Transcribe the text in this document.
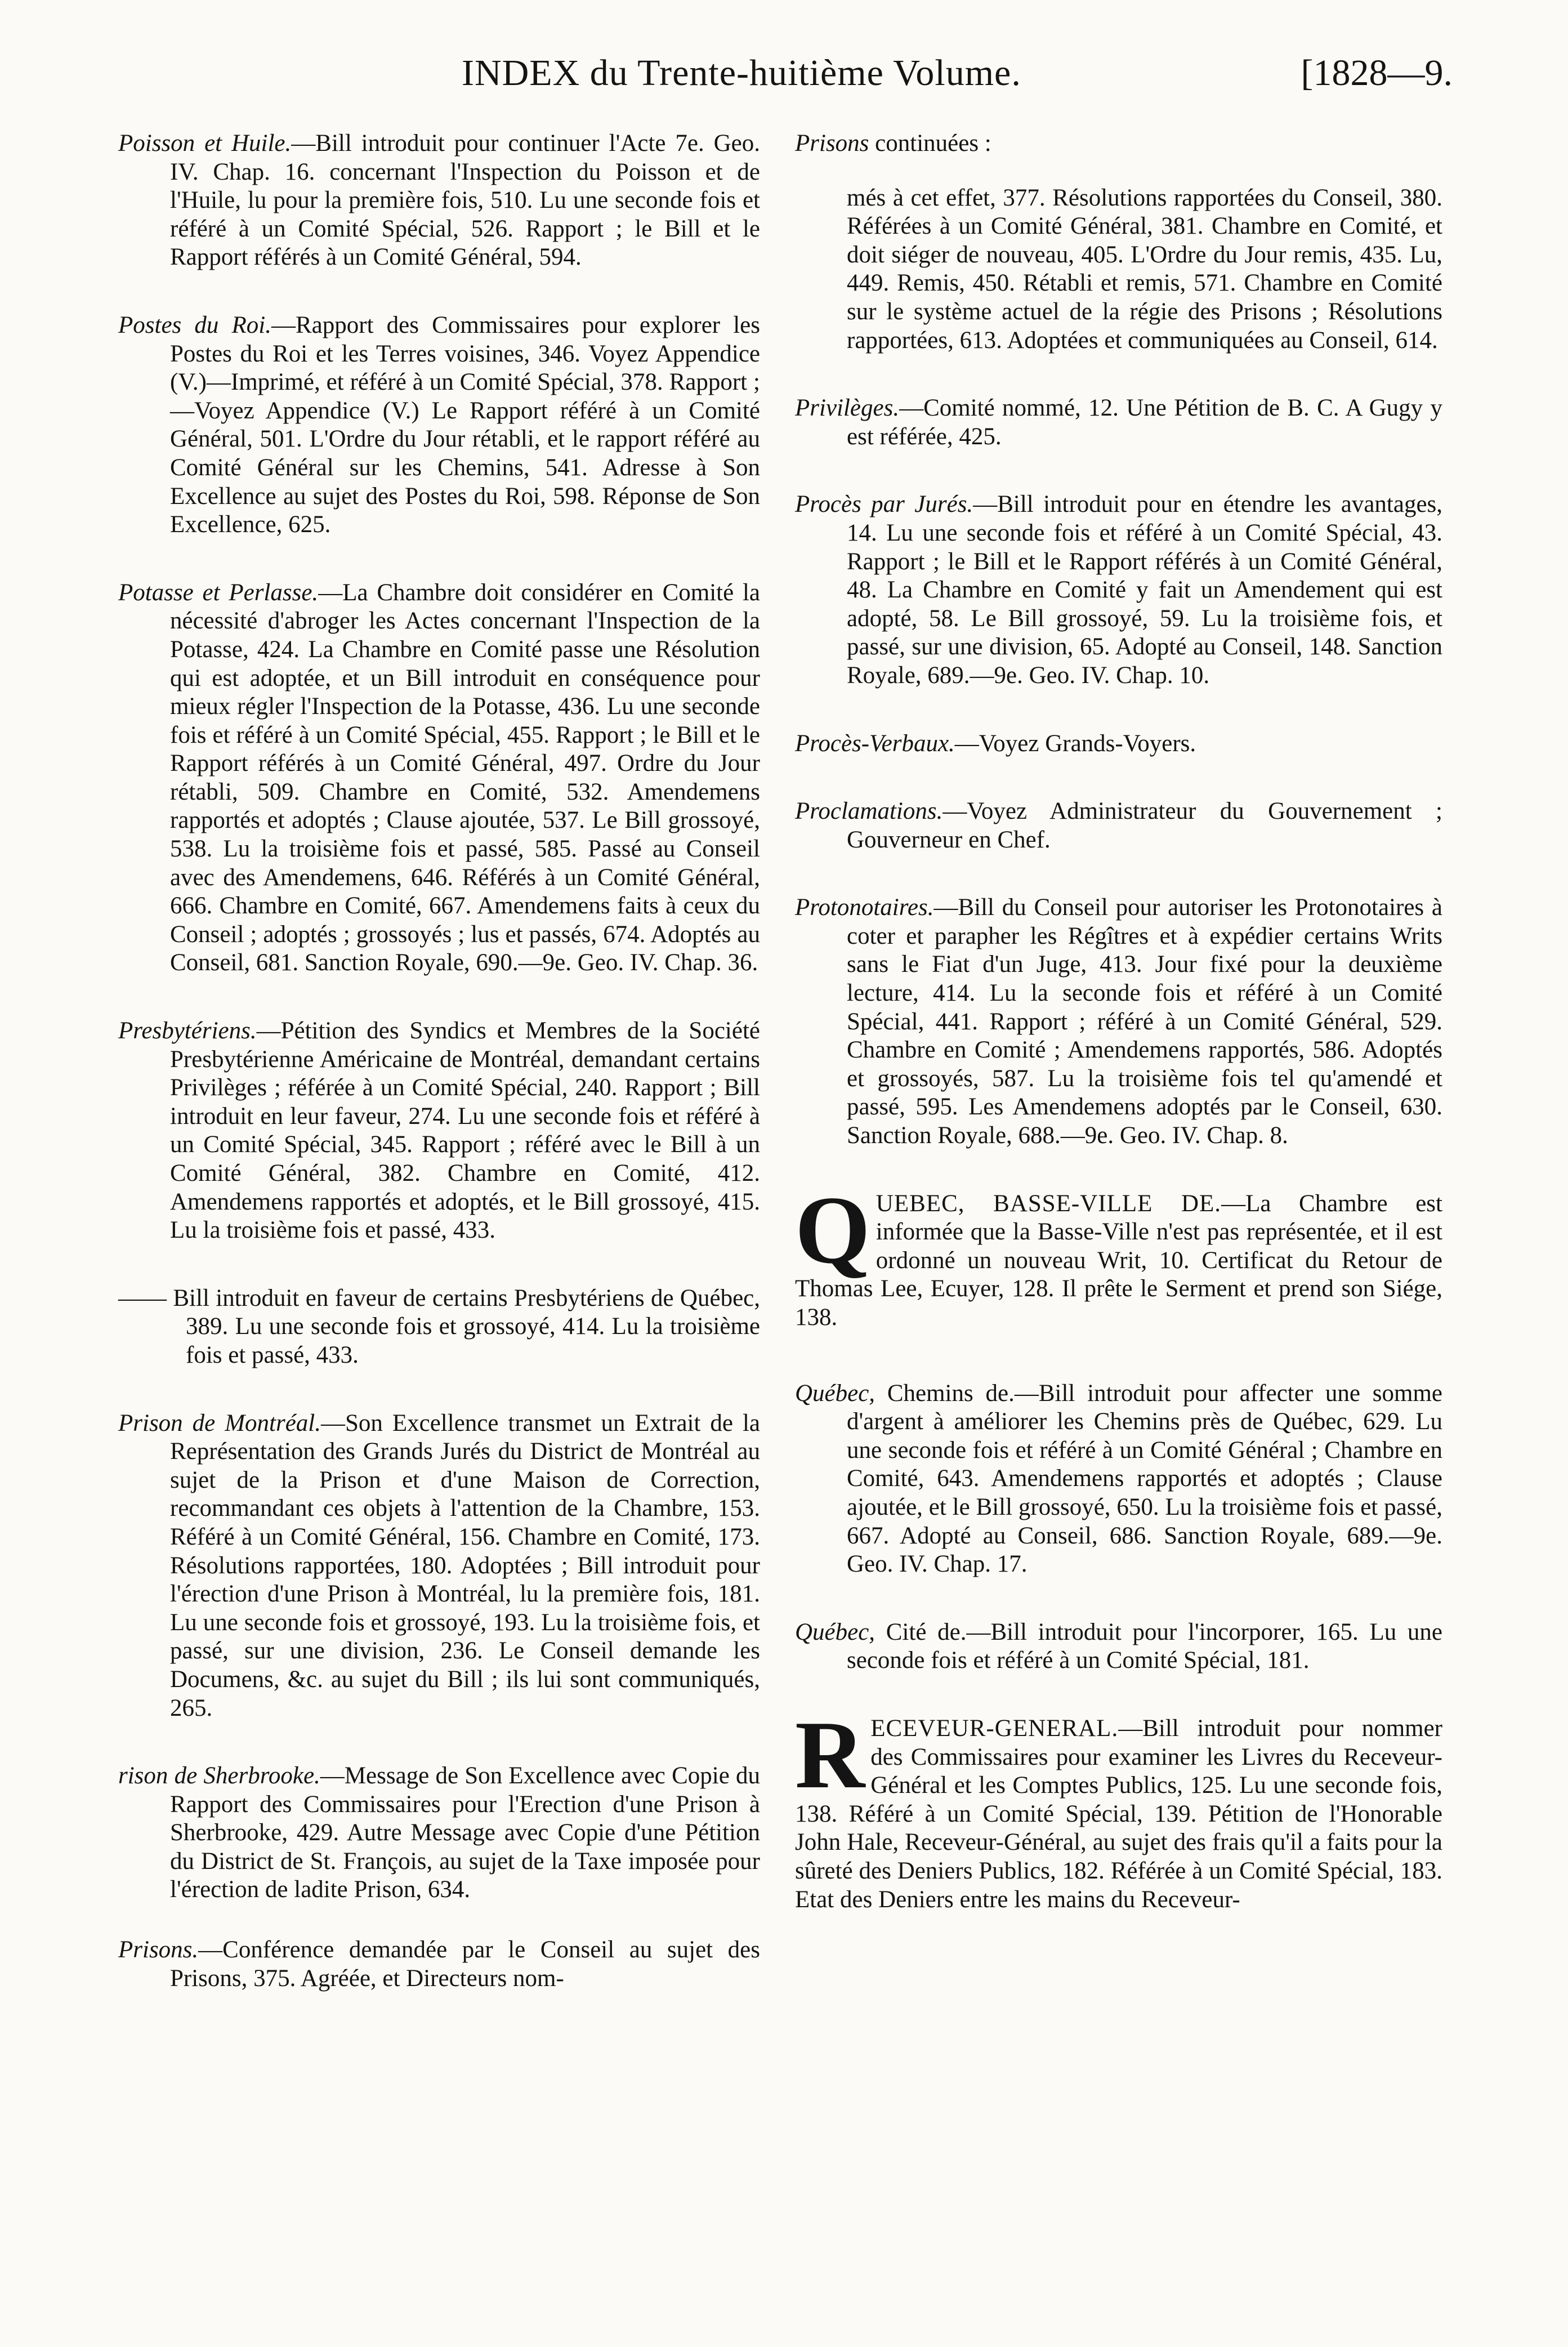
INDEX du Trente-huitième Volume.	[1828—9.

Poisson et Huile.—Bill introduit pour continuer l'Acte 7e. Geo. IV. Chap. 16. concernant l'Inspection du Poisson et de l'Huile, lu pour la première fois, 510. Lu une seconde fois et référé à un Comité Spécial, 526. Rapport ; le Bill et le Rapport référés à un Comité Général, 594.

Postes du Roi.—Rapport des Commissaires pour explorer les Postes du Roi et les Terres voisines, 346. Voyez Appendice (V.)—Imprimé, et référé à un Comité Spécial, 378. Rapport ;—Voyez Appendice (V.) Le Rapport référé à un Comité Général, 501. L'Ordre du Jour rétabli, et le rapport référé au Comité Général sur les Chemins, 541. Adresse à Son Excellence au sujet des Postes du Roi, 598. Réponse de Son Excellence, 625.

Potasse et Perlasse.—La Chambre doit considérer en Comité la nécessité d'abroger les Actes concernant l'Inspection de la Potasse, 424. La Chambre en Comité passe une Résolution qui est adoptée, et un Bill introduit en conséquence pour mieux régler l'Inspection de la Potasse, 436. Lu une seconde fois et référé à un Comité Spécial, 455. Rapport ; le Bill et le Rapport référés à un Comité Général, 497. Ordre du Jour rétabli, 509. Chambre en Comité, 532. Amendemens rapportés et adoptés ; Clause ajoutée, 537. Le Bill grossoyé, 538. Lu la troisième fois et passé, 585. Passé au Conseil avec des Amendemens, 646. Référés à un Comité Général, 666. Chambre en Comité, 667. Amendemens faits à ceux du Conseil ; adoptés ; grossoyés ; lus et passés, 674. Adoptés au Conseil, 681. Sanction Royale, 690.—9e. Geo. IV. Chap. 36.

Presbytériens.—Pétition des Syndics et Membres de la Société Presbytérienne Américaine de Montréal, demandant certains Privilèges ; référée à un Comité Spécial, 240. Rapport ; Bill introduit en leur faveur, 274. Lu une seconde fois et référé à un Comité Spécial, 345. Rapport ; référé avec le Bill à un Comité Général, 382. Chambre en Comité, 412. Amendemens rapportés et adoptés, et le Bill grossoyé, 415. Lu la troisième fois et passé, 433.

—— Bill introduit en faveur de certains Presbytériens de Québec, 389. Lu une seconde fois et grossoyé, 414. Lu la troisième fois et passé, 433.

Prison de Montréal.—Son Excellence transmet un Extrait de la Représentation des Grands Jurés du District de Montréal au sujet de la Prison et d'une Maison de Correction, recommandant ces objets à l'attention de la Chambre, 153. Référé à un Comité Général, 156. Chambre en Comité, 173. Résolutions rapportées, 180. Adoptées ; Bill introduit pour l'érection d'une Prison à Montréal, lu la première fois, 181. Lu une seconde fois et grossoyé, 193. Lu la troisième fois, et passé, sur une division, 236. Le Conseil demande les Documens, &c. au sujet du Bill ; ils lui sont communiqués, 265.

rison de Sherbrooke.—Message de Son Excellence avec Copie du Rapport des Commissaires pour l'Erection d'une Prison à Sherbrooke, 429. Autre Message avec Copie d'une Pétition du District de St. François, au sujet de la Taxe imposée pour l'érection de ladite Prison, 634.

Prisons.—Conférence demandée par le Conseil au sujet des Prisons, 375. Agréée, et Directeurs nom-

Prisons continuées :

més à cet effet, 377. Résolutions rapportées du Conseil, 380. Référées à un Comité Général, 381. Chambre en Comité, et doit siéger de nouveau, 405. L'Ordre du Jour remis, 435. Lu, 449. Remis, 450. Rétabli et remis, 571. Chambre en Comité sur le système actuel de la régie des Prisons ; Résolutions rapportées, 613. Adoptées et communiquées au Conseil, 614.

Privilèges.—Comité nommé, 12. Une Pétition de B. C. A Gugy y est référée, 425.

Procès par Jurés.—Bill introduit pour en étendre les avantages, 14. Lu une seconde fois et référé à un Comité Spécial, 43. Rapport ; le Bill et le Rapport référés à un Comité Général, 48. La Chambre en Comité y fait un Amendement qui est adopté, 58. Le Bill grossoyé, 59. Lu la troisième fois, et passé, sur une division, 65. Adopté au Conseil, 148. Sanction Royale, 689.—9e. Geo. IV. Chap. 10.

Procès-Verbaux.—Voyez Grands-Voyers.

Proclamations.—Voyez Administrateur du Gouvernement ; Gouverneur en Chef.

Protonotaires.—Bill du Conseil pour autoriser les Protonotaires à coter et parapher les Régîtres et à expédier certains Writs sans le Fiat d'un Juge, 413. Jour fixé pour la deuxième lecture, 414. Lu la seconde fois et référé à un Comité Spécial, 441. Rapport ; référé à un Comité Général, 529. Chambre en Comité ; Amendemens rapportés, 586. Adoptés et grossoyés, 587. Lu la troisième fois tel qu'amendé et passé, 595. Les Amendemens adoptés par le Conseil, 630. Sanction Royale, 688.—9e. Geo. IV. Chap. 8.

QUEBEC, BASSE-VILLE DE.—La Chambre est informée que la Basse-Ville n'est pas représentée, et il est ordonné un nouveau Writ, 10. Certificat du Retour de Thomas Lee, Ecuyer, 128. Il prête le Serment et prend son Siége, 138.

Québec, Chemins de.—Bill introduit pour affecter une somme d'argent à améliorer les Chemins près de Québec, 629. Lu une seconde fois et référé à un Comité Général ; Chambre en Comité, 643. Amendemens rapportés et adoptés ; Clause ajoutée, et le Bill grossoyé, 650. Lu la troisième fois et passé, 667. Adopté au Conseil, 686. Sanction Royale, 689.—9e. Geo. IV. Chap. 17.

Québec, Cité de.—Bill introduit pour l'incorporer, 165. Lu une seconde fois et référé à un Comité Spécial, 181.

RECEVEUR-GENERAL.—Bill introduit pour nommer des Commissaires pour examiner les Livres du Receveur-Général et les Comptes Publics, 125. Lu une seconde fois, 138. Référé à un Comité Spécial, 139. Pétition de l'Honorable John Hale, Receveur-Général, au sujet des frais qu'il a faits pour la sûreté des Deniers Publics, 182. Référée à un Comité Spécial, 183. Etat des Deniers entre les mains du Receveur-
